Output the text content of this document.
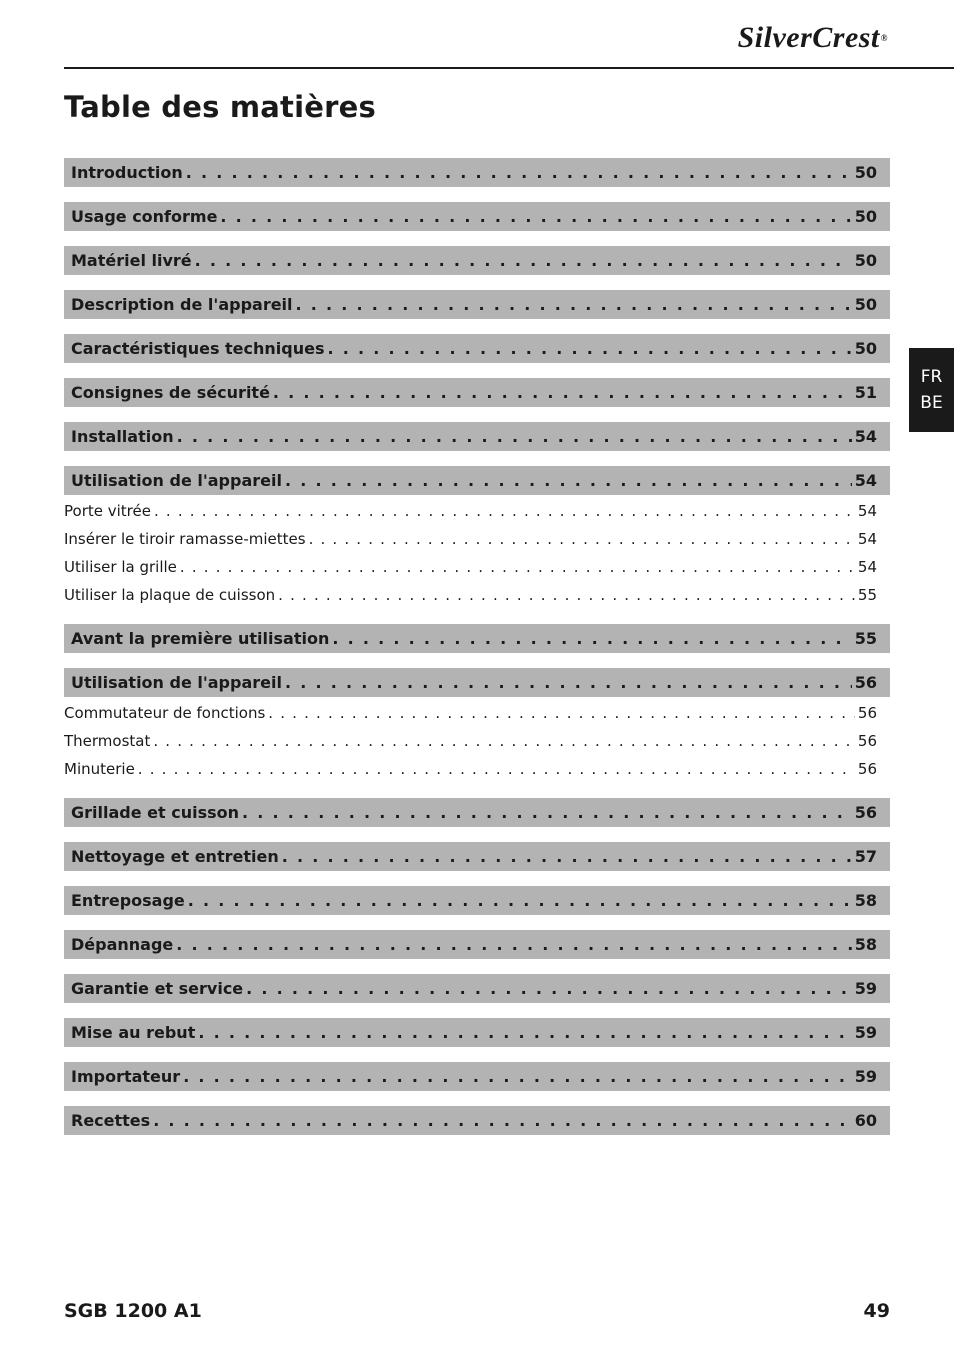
SilverCrest®
Table des matières
Introduction . . .	50
Usage conforme . . .	50
Matériel livré . . .	50
Description de l'appareil . . .	50
Caractéristiques techniques . . .	50
Consignes de sécurité . . .	51
Installation . . .	54
Utilisation de l'appareil . . .	54
Porte vitrée . . .	54
Insérer le tiroir ramasse-miettes . . .	54
Utiliser la grille . . .	54
Utiliser la plaque de cuisson . . .	55
Avant la première utilisation . . .	55
Utilisation de l'appareil . . .	56
Commutateur de fonctions . . .	56
Thermostat . . .	56
Minuterie . . .	56
Grillade et cuisson . . .	56
Nettoyage et entretien . . .	57
Entreposage . . .	58
Dépannage . . .	58
Garantie et service . . .	59
Mise au rebut . . .	59
Importateur . . .	59
Recettes . . .	60
FR
BE
SGB 1200 A1	49
